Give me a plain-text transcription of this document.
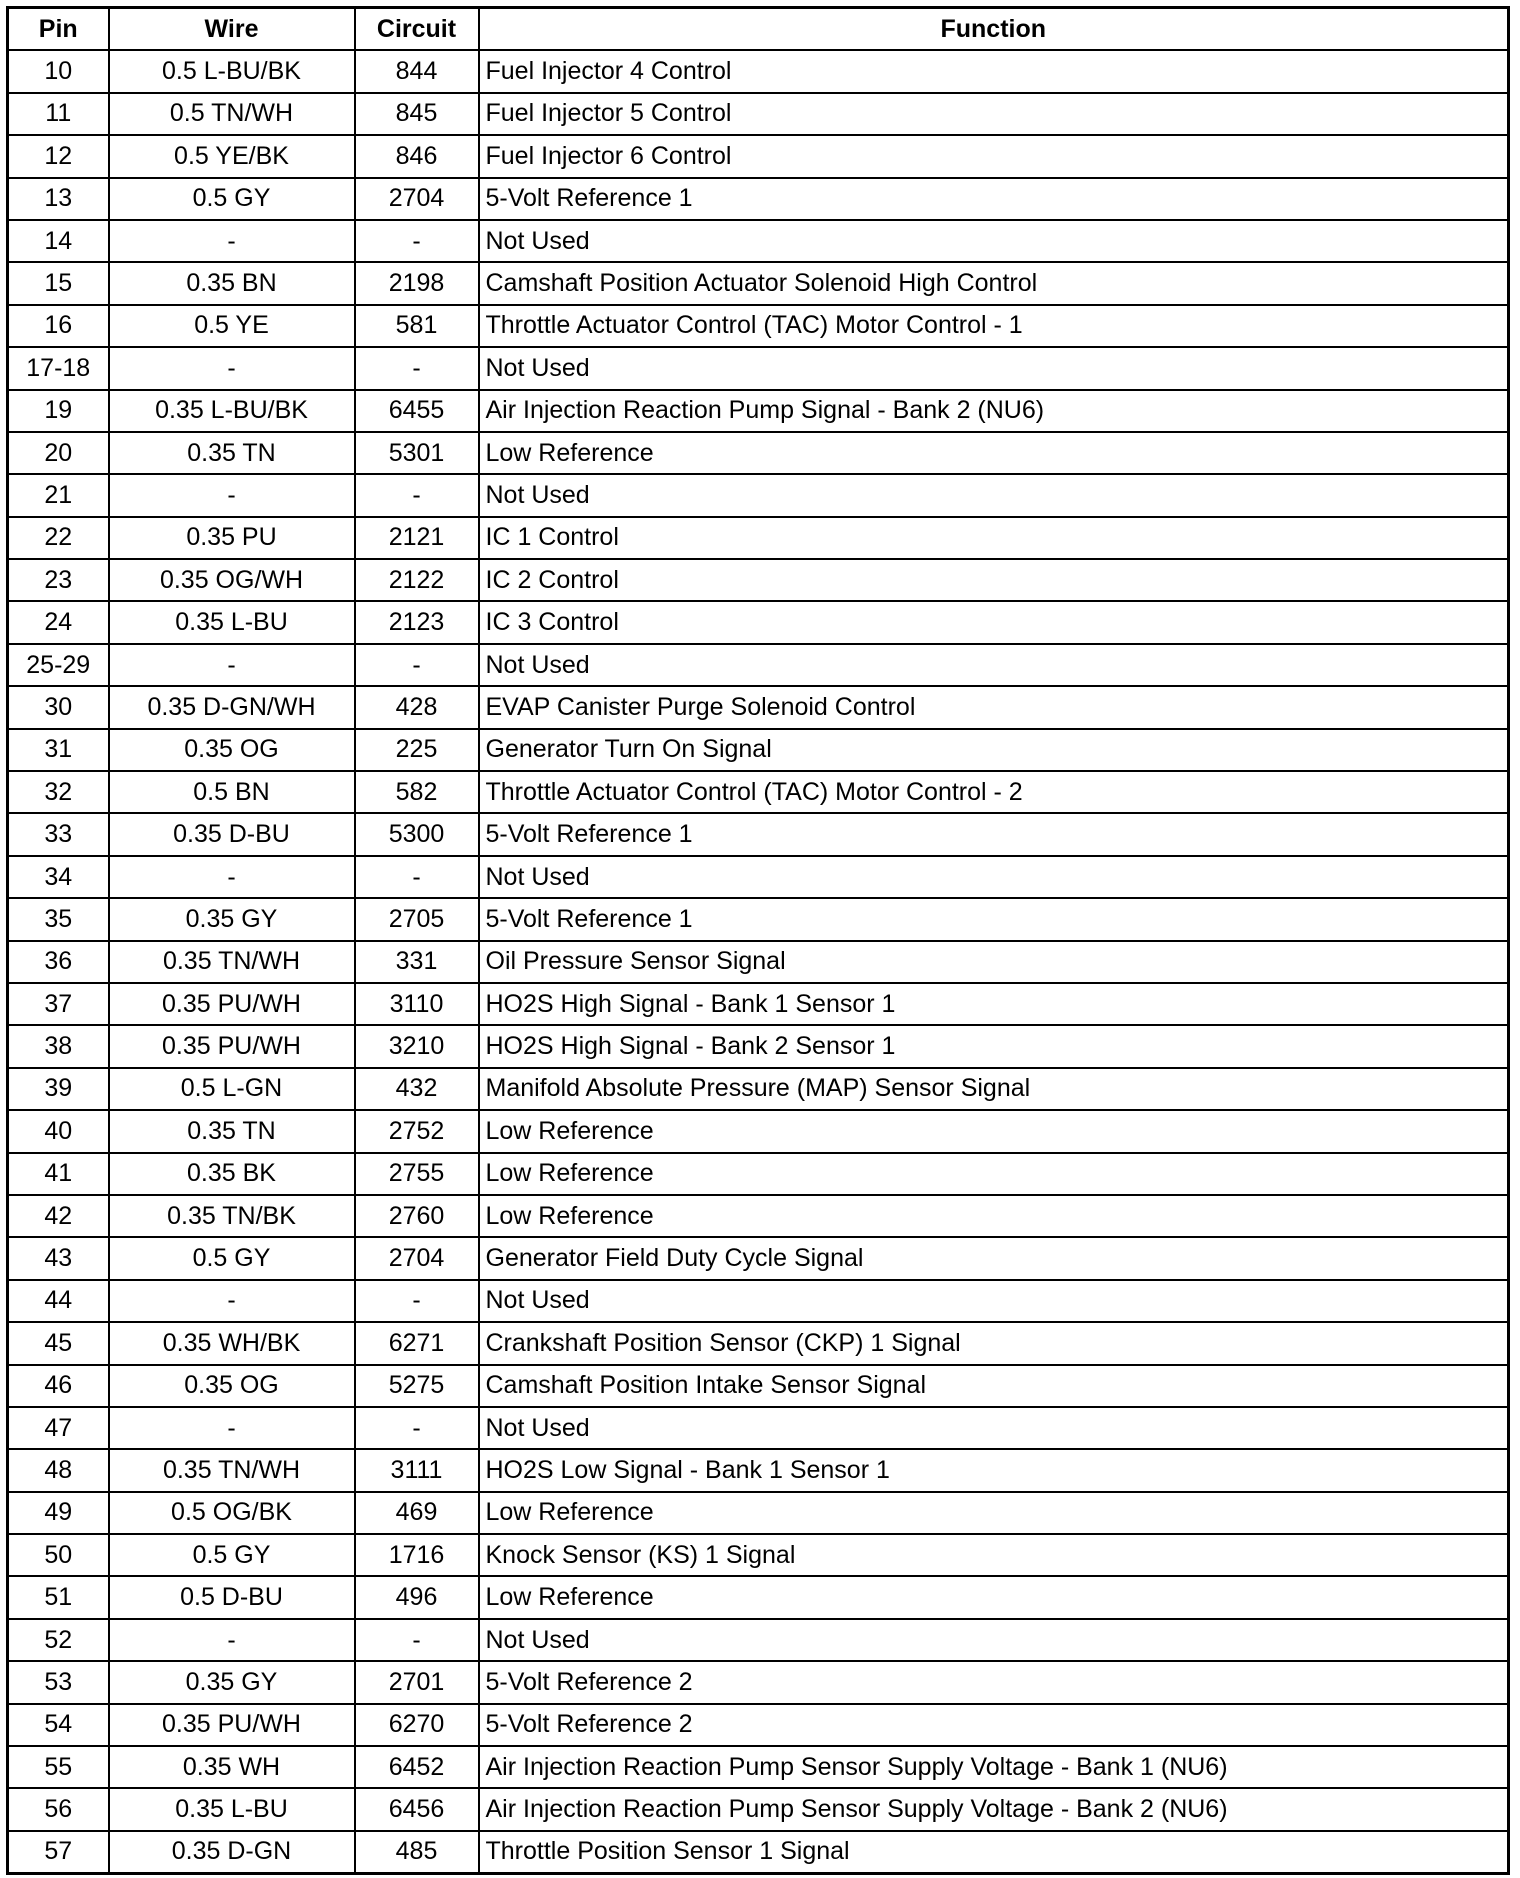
Pin	Wire	Circuit	Function
10	0.5 L-BU/BK	844	Fuel Injector 4 Control
11	0.5 TN/WH	845	Fuel Injector 5 Control
12	0.5 YE/BK	846	Fuel Injector 6 Control
13	0.5 GY	2704	5-Volt Reference 1
14	-	-	Not Used
15	0.35 BN	2198	Camshaft Position Actuator Solenoid High Control
16	0.5 YE	581	Throttle Actuator Control (TAC) Motor Control - 1
17-18	-	-	Not Used
19	0.35 L-BU/BK	6455	Air Injection Reaction Pump Signal - Bank 2 (NU6)
20	0.35 TN	5301	Low Reference
21	-	-	Not Used
22	0.35 PU	2121	IC 1 Control
23	0.35 OG/WH	2122	IC 2 Control
24	0.35 L-BU	2123	IC 3 Control
25-29	-	-	Not Used
30	0.35 D-GN/WH	428	EVAP Canister Purge Solenoid Control
31	0.35 OG	225	Generator Turn On Signal
32	0.5 BN	582	Throttle Actuator Control (TAC) Motor Control - 2
33	0.35 D-BU	5300	5-Volt Reference 1
34	-	-	Not Used
35	0.35 GY	2705	5-Volt Reference 1
36	0.35 TN/WH	331	Oil Pressure Sensor Signal
37	0.35 PU/WH	3110	HO2S High Signal - Bank 1 Sensor 1
38	0.35 PU/WH	3210	HO2S High Signal - Bank 2 Sensor 1
39	0.5 L-GN	432	Manifold Absolute Pressure (MAP) Sensor Signal
40	0.35 TN	2752	Low Reference
41	0.35 BK	2755	Low Reference
42	0.35 TN/BK	2760	Low Reference
43	0.5 GY	2704	Generator Field Duty Cycle Signal
44	-	-	Not Used
45	0.35 WH/BK	6271	Crankshaft Position Sensor (CKP) 1 Signal
46	0.35 OG	5275	Camshaft Position Intake Sensor Signal
47	-	-	Not Used
48	0.35 TN/WH	3111	HO2S Low Signal - Bank 1 Sensor 1
49	0.5 OG/BK	469	Low Reference
50	0.5 GY	1716	Knock Sensor (KS) 1 Signal
51	0.5 D-BU	496	Low Reference
52	-	-	Not Used
53	0.35 GY	2701	5-Volt Reference 2
54	0.35 PU/WH	6270	5-Volt Reference 2
55	0.35 WH	6452	Air Injection Reaction Pump Sensor Supply Voltage - Bank 1 (NU6)
56	0.35 L-BU	6456	Air Injection Reaction Pump Sensor Supply Voltage - Bank 2 (NU6)
57	0.35 D-GN	485	Throttle Position Sensor 1 Signal
